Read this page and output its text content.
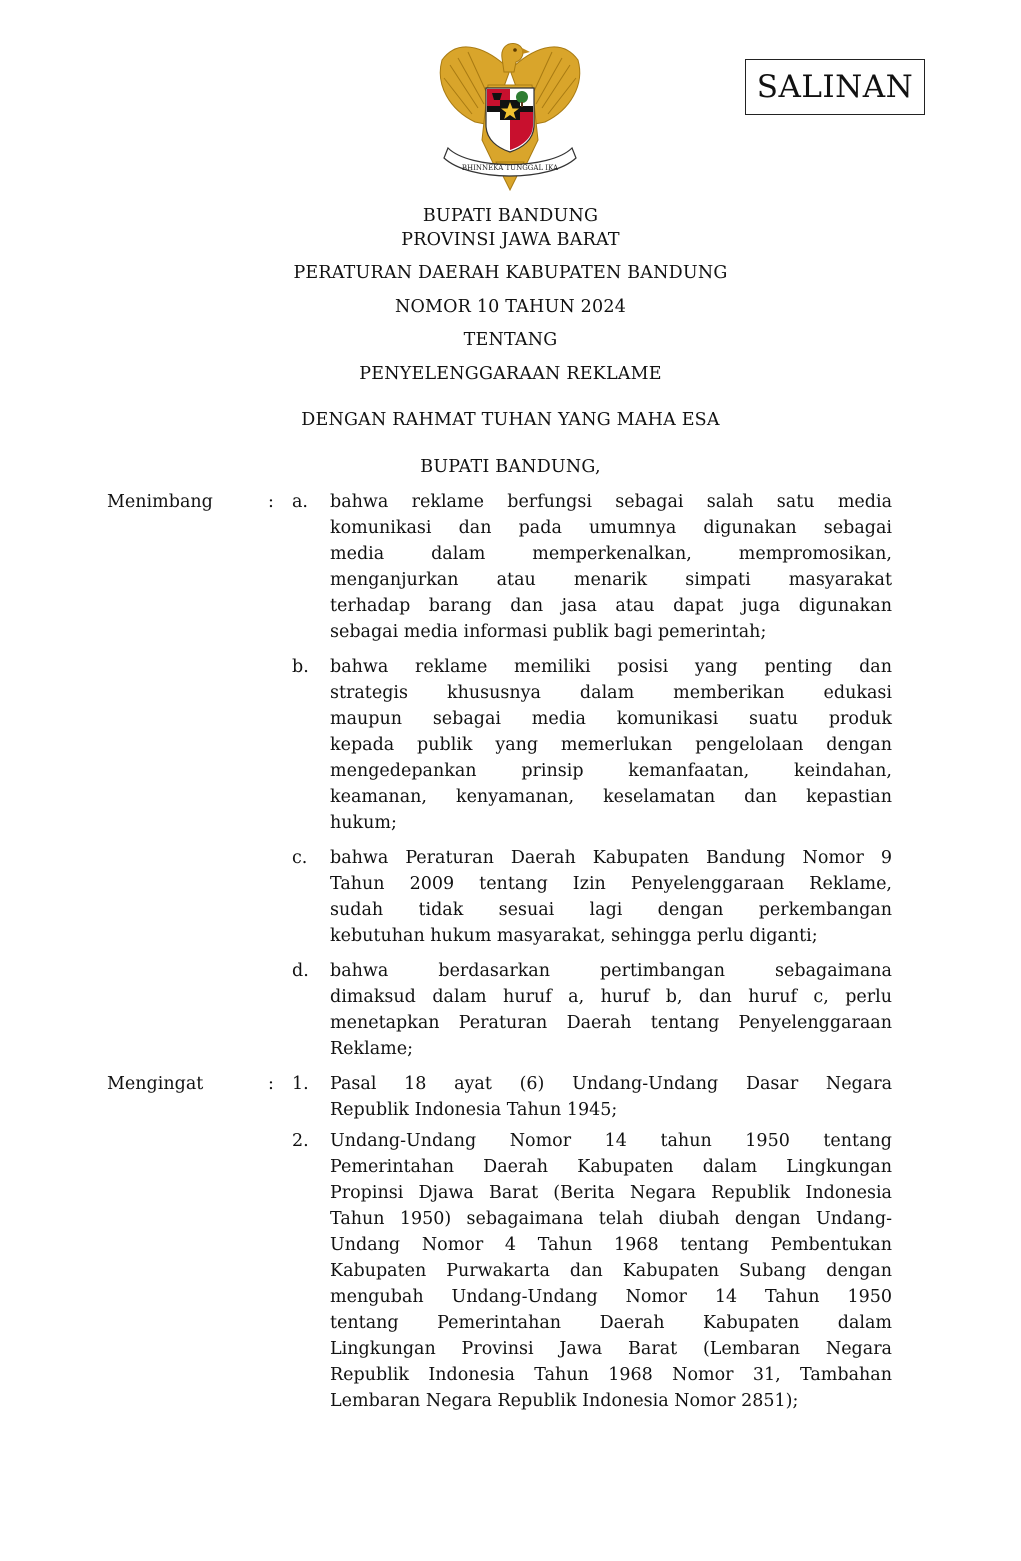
SALINAN
BHINNEKA TUNGGAL IKA
BUPATI BANDUNG
PROVINSI JAWA BARAT
PERATURAN DAERAH KABUPATEN BANDUNG
NOMOR 10 TAHUN 2024
TENTANG
PENYELENGGARAAN REKLAME
DENGAN RAHMAT TUHAN YANG MAHA ESA
BUPATI BANDUNG,
Menimbang	: a. bahwa reklame berfungsi sebagai salah satu media
komunikasi dan pada umumnya digunakan sebagai
media dalam memperkenalkan, mempromosikan,
menganjurkan atau menarik simpati masyarakat
terhadap barang dan jasa atau dapat juga digunakan
sebagai media informasi publik bagi pemerintah;
b. bahwa reklame memiliki posisi yang penting dan
strategis khususnya dalam memberikan edukasi
maupun sebagai media komunikasi suatu produk
kepada publik yang memerlukan pengelolaan dengan
mengedepankan prinsip kemanfaatan, keindahan,
keamanan, kenyamanan, keselamatan dan kepastian
hukum;
c. bahwa Peraturan Daerah Kabupaten Bandung Nomor 9
Tahun 2009 tentang Izin Penyelenggaraan Reklame,
sudah tidak sesuai lagi dengan perkembangan
kebutuhan hukum masyarakat, sehingga perlu diganti;
d. bahwa berdasarkan pertimbangan sebagaimana
dimaksud dalam huruf a, huruf b, dan huruf c, perlu
menetapkan Peraturan Daerah tentang Penyelenggaraan
Reklame;
Mengingat	: 1. Pasal 18 ayat (6) Undang-Undang Dasar Negara
Republik Indonesia Tahun 1945;
2. Undang-Undang Nomor 14 tahun 1950 tentang
Pemerintahan Daerah Kabupaten dalam Lingkungan
Propinsi Djawa Barat (Berita Negara Republik Indonesia
Tahun 1950) sebagaimana telah diubah dengan Undang-
Undang Nomor 4 Tahun 1968 tentang Pembentukan
Kabupaten Purwakarta dan Kabupaten Subang dengan
mengubah Undang-Undang Nomor 14 Tahun 1950
tentang Pemerintahan Daerah Kabupaten dalam
Lingkungan Provinsi Jawa Barat (Lembaran Negara
Republik Indonesia Tahun 1968 Nomor 31, Tambahan
Lembaran Negara Republik Indonesia Nomor 2851);
